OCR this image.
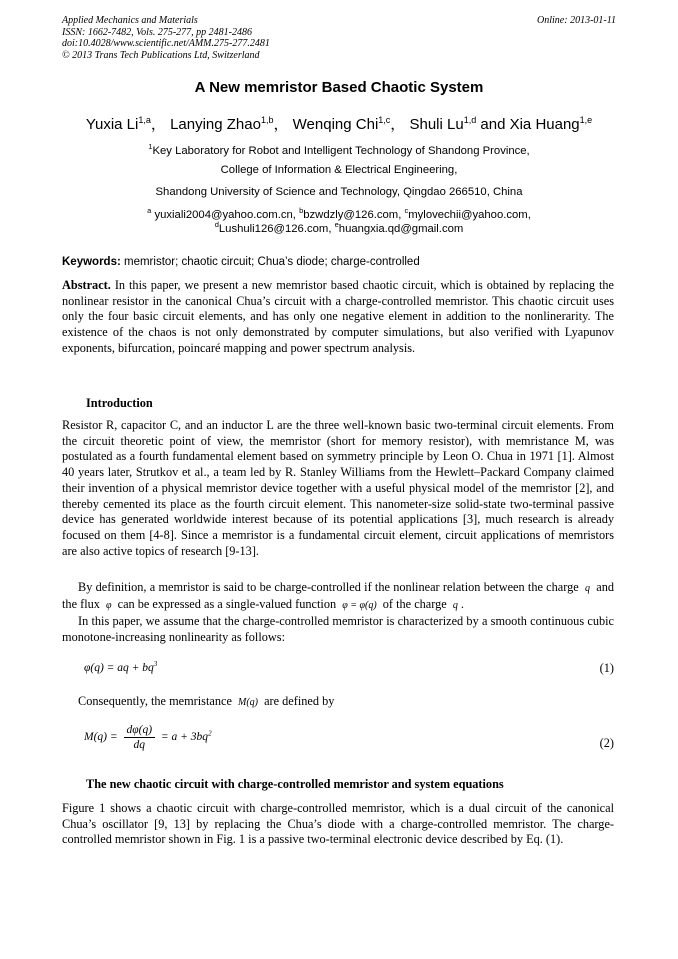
Applied Mechanics and Materials
ISSN: 1662-7482, Vols. 275-277, pp 2481-2486
doi:10.4028/www.scientific.net/AMM.275-277.2481
© 2013 Trans Tech Publications Ltd, Switzerland
Online: 2013-01-11
A New memristor Based Chaotic System
Yuxia Li$^{1,a}$， Lanying Zhao$^{1,b}$， Wenqing Chi$^{1,c}$， Shuli Lu$^{1,d}$ and Xia Huang$^{1,e}$
$^1$Key Laboratory for Robot and Intelligent Technology of Shandong Province,
College of Information & Electrical Engineering,
Shandong University of Science and Technology, Qingdao 266510, China
$^a$ yuxiali2004@yahoo.com.cn, $^b$bzwdzly@126.com, $^c$mylovechii@yahoo.com,
$^d$Lushuli126@126.com, $^e$huangxia.qd@gmail.com
Keywords: memristor; chaotic circuit; Chua’s diode; charge-controlled
Abstract. In this paper, we present a new memristor based chaotic circuit, which is obtained by replacing the nonlinear resistor in the canonical Chua’s circuit with a charge-controlled memristor. This chaotic circuit uses only the four basic circuit elements, and has only one negative element in addition to the nonlinerarity. The existence of the chaos is not only demonstrated by computer simulations, but also verified with Lyapunov exponents, bifurcation, poincaré mapping and power spectrum analysis.
Introduction
Resistor R, capacitor C, and an inductor L are the three well-known basic two-terminal circuit elements. From the circuit theoretic point of view, the memristor (short for memory resistor), with memristance M, was postulated as a fourth fundamental element based on symmetry principle by Leon O. Chua in 1971 [1]. Almost 40 years later, Strutkov et al., a team led by R. Stanley Williams from the Hewlett–Packard Company claimed their invention of a physical memristor device together with a useful physical model of the memristor [2], and thereby cemented its place as the fourth circuit element. This nanometer-size solid-state two-terminal passive device has generated worldwide interest because of its potential applications [3], much research is already focused on them [4-8]. Since a memristor is a fundamental circuit element, circuit applications of memristors are also active topics of research [9-13].
By definition, a memristor is said to be charge-controlled if the nonlinear relation between the charge q and the flux φ can be expressed as a single-valued function φ = φ(q) of the charge q .
In this paper, we assume that the charge-controlled memristor is characterized by a smooth continuous cubic monotone-increasing nonlinearity as follows:
φ(q) = aq + $bq^3$	(1)
Consequently, the memristance M(q) are defined by
$M(q) = \frac{d\varphi(q)}{dq} = a + 3bq^2$
(2)
The new chaotic circuit with charge-controlled memristor and system equations
Figure 1 shows a chaotic circuit with charge-controlled memristor, which is a dual circuit of the canonical Chua’s oscillator [9, 13] by replacing the Chua’s diode with a charge-controlled memristor. The charge-controlled memristor shown in Fig. 1 is a passive two-terminal electronic device described by Eq. (1).
